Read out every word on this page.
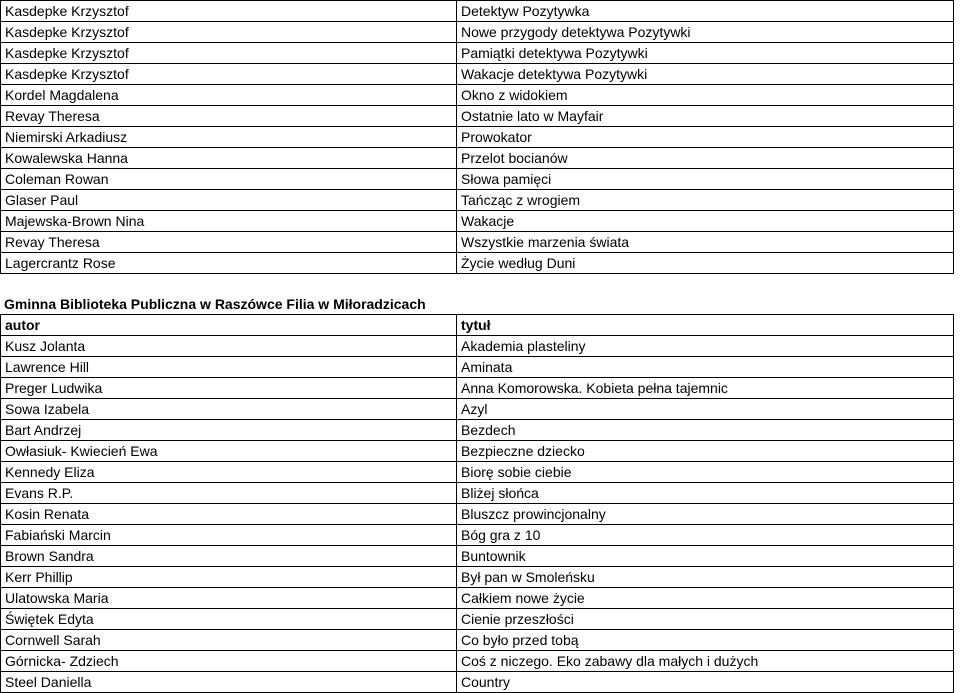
Kasdepke Krzysztof	Detektyw Pozytywka
Kasdepke Krzysztof	Nowe przygody detektywa Pozytywki
Kasdepke Krzysztof	Pamiątki detektywa Pozytywki
Kasdepke Krzysztof	Wakacje detektywa Pozytywki
Kordel Magdalena	Okno z widokiem
Revay Theresa	Ostatnie lato w Mayfair
Niemirski Arkadiusz	Prowokator
Kowalewska Hanna	Przelot bocianów
Coleman Rowan	Słowa pamięci
Glaser Paul	Tańcząc z wrogiem
Majewska-Brown Nina	Wakacje
Revay Theresa	Wszystkie marzenia świata
Lagercrantz Rose	Życie według Duni
Gminna Biblioteka Publiczna w Raszówce Filia w Miłoradzicach
autor	tytuł
Kusz Jolanta	Akademia plasteliny
Lawrence Hill	Aminata
Preger Ludwika	Anna Komorowska. Kobieta pełna tajemnic
Sowa Izabela	Azyl
Bart Andrzej	Bezdech
Owłasiuk- Kwiecień Ewa	Bezpieczne dziecko
Kennedy Eliza	Biorę sobie ciebie
Evans R.P.	Bliżej słońca
Kosin Renata	Bluszcz prowincjonalny
Fabiański Marcin	Bóg gra z 10
Brown Sandra	Buntownik
Kerr Phillip	Był pan w Smoleńsku
Ulatowska Maria	Całkiem nowe życie
Świętek Edyta	Cienie przeszłości
Cornwell Sarah	Co było przed tobą
Górnicka- Zdziech	Coś z niczego. Eko zabawy dla małych i dużych
Steel Daniella	Country
